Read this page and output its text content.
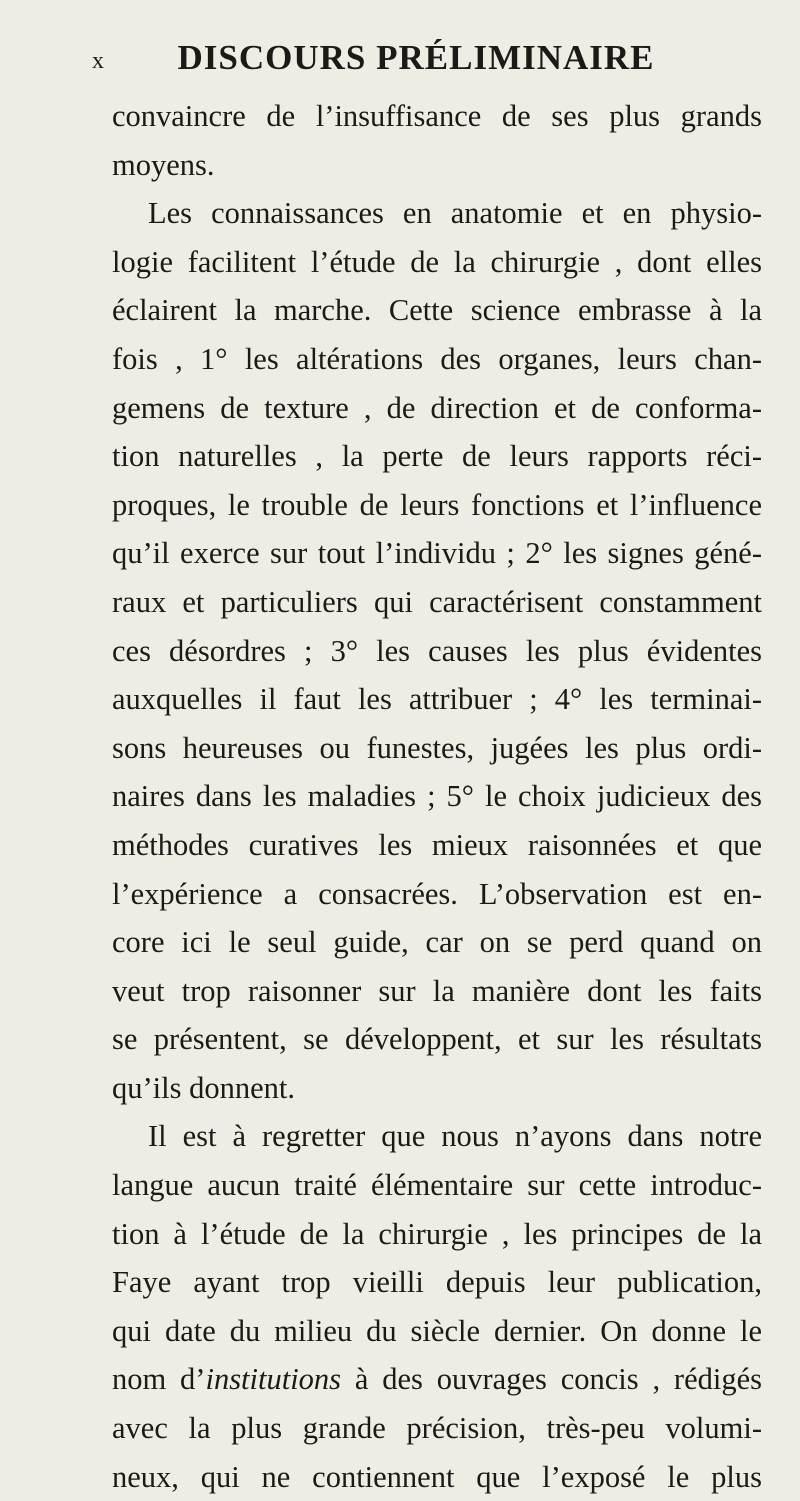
x	DISCOURS PRÉLIMINAIRE
convaincre de l’insuffisance de ses plus grands
moyens.
Les connaissances en anatomie et en physio-
logie facilitent l’étude de la chirurgie , dont elles
éclairent la marche. Cette science embrasse à la
fois , 1° les altérations des organes, leurs chan-
gemens de texture , de direction et de conforma-
tion naturelles , la perte de leurs rapports réci-
proques, le trouble de leurs fonctions et l’influence
qu’il exerce sur tout l’individu ; 2° les signes géné-
raux et particuliers qui caractérisent constamment
ces désordres ; 3° les causes les plus évidentes
auxquelles il faut les attribuer ; 4° les terminai-
sons heureuses ou funestes, jugées les plus ordi-
naires dans les maladies ; 5° le choix judicieux des
méthodes curatives les mieux raisonnées et que
l’expérience a consacrées. L’observation est en-
core ici le seul guide, car on se perd quand on
veut trop raisonner sur la manière dont les faits
se présentent, se développent, et sur les résultats
qu’ils donnent.
Il est à regretter que nous n’ayons dans notre
langue aucun traité élémentaire sur cette introduc-
tion à l’étude de la chirurgie , les principes de la
Faye ayant trop vieilli depuis leur publication,
qui date du milieu du siècle dernier. On donne le
nom d’institutions à des ouvrages concis , rédigés
avec la plus grande précision, très-peu volumi-
neux, qui ne contiennent que l’exposé le plus
